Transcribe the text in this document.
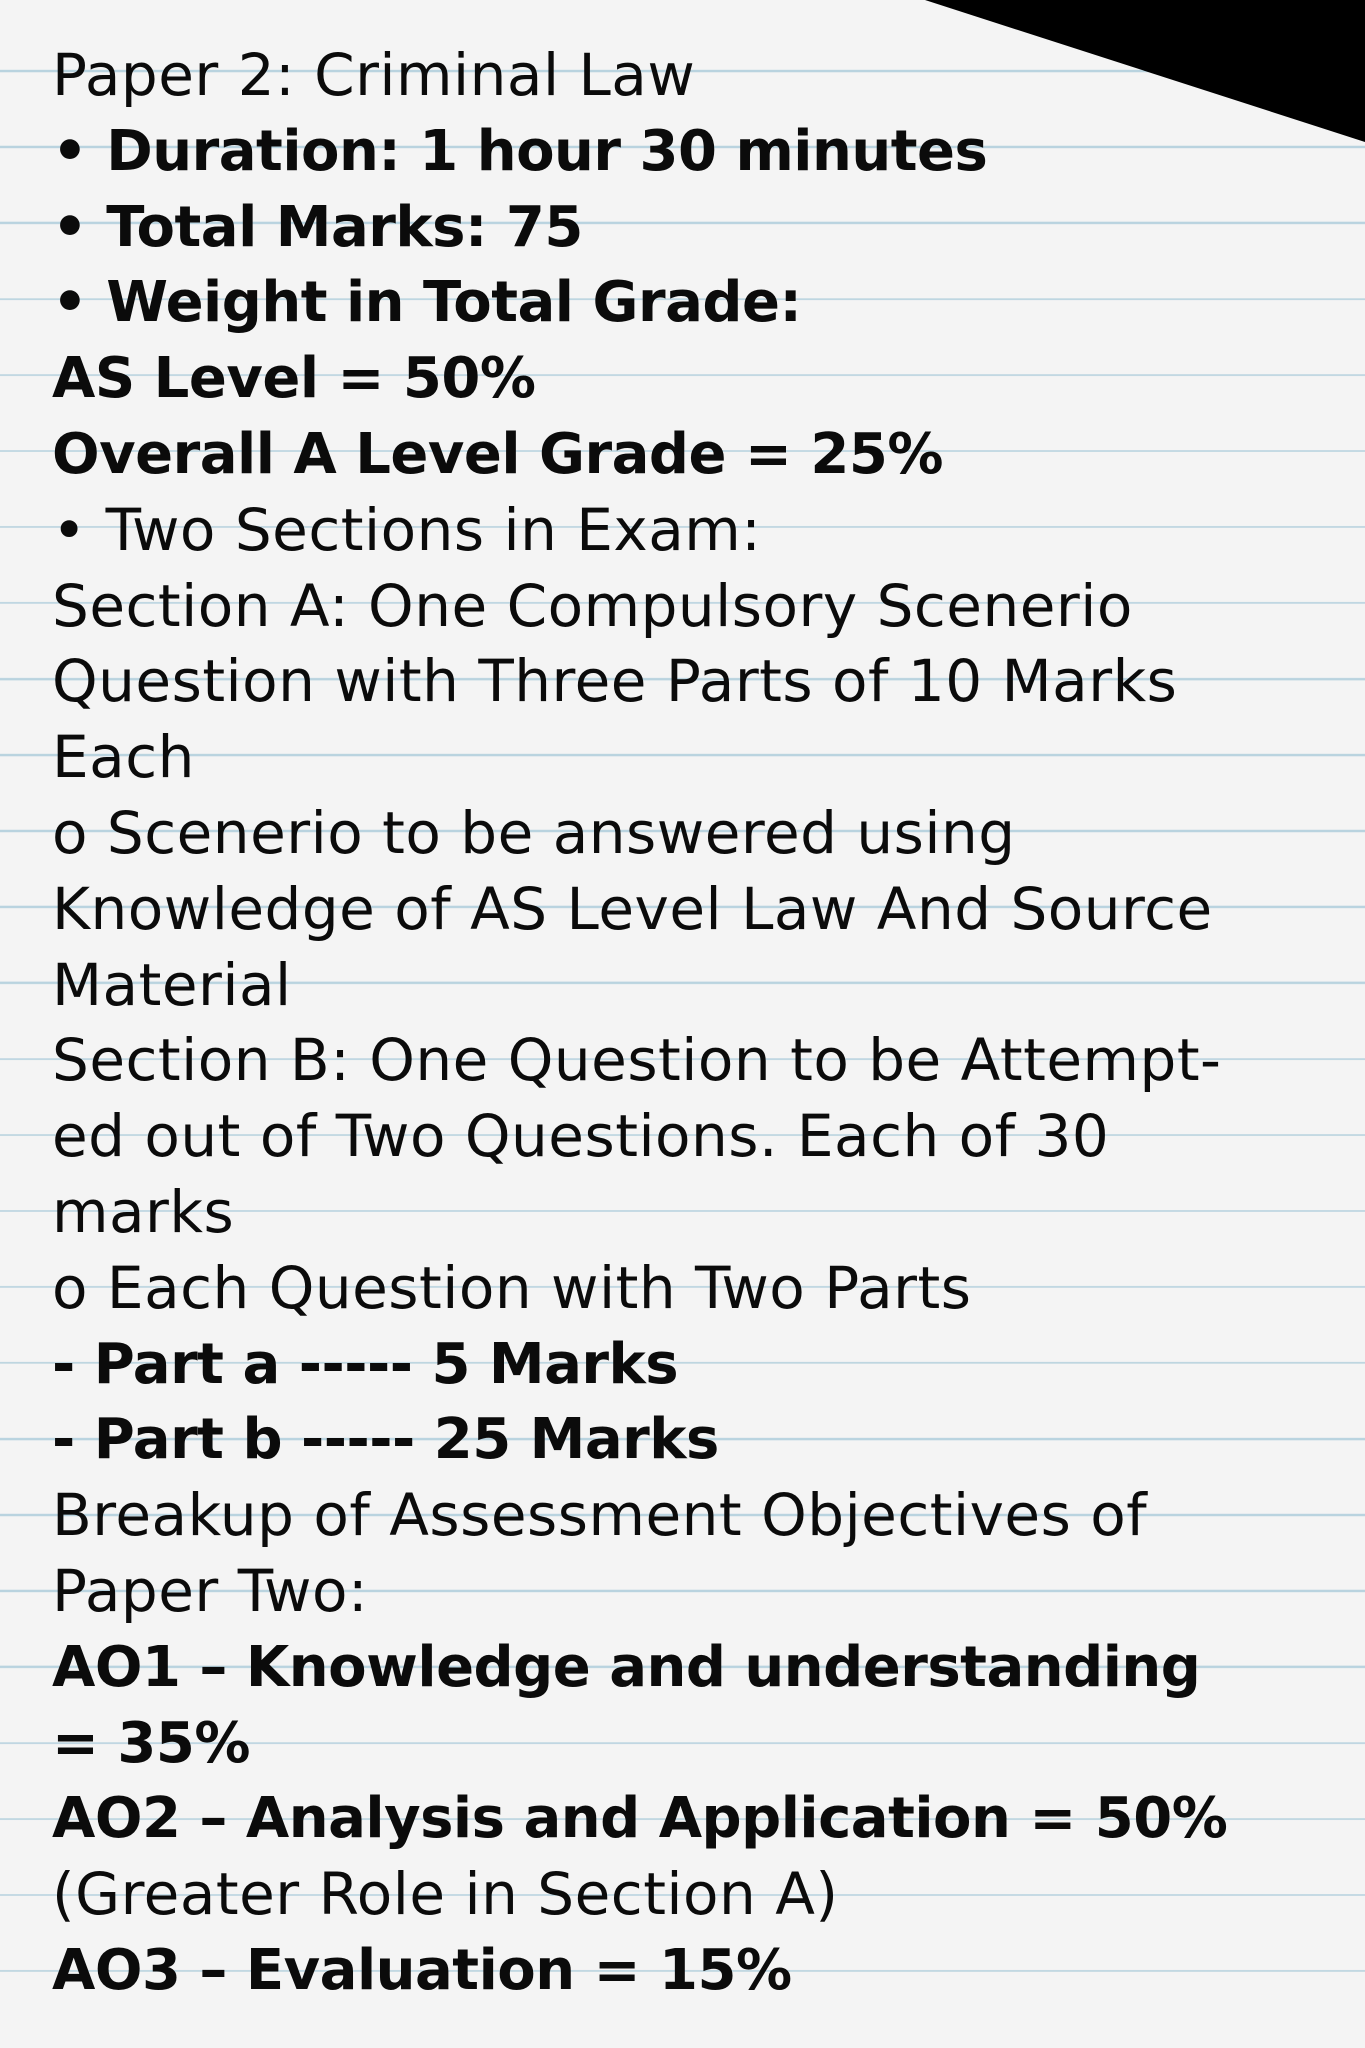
Paper 2: Criminal Law
• Duration: 1 hour 30 minutes
• Total Marks: 75
• Weight in Total Grade:
AS Level = 50%
Overall A Level Grade = 25%
• Two Sections in Exam:
Section A: One Compulsory Scenerio
Question with Three Parts of 10 Marks
Each
o Scenerio to be answered using
Knowledge of AS Level Law And Source
Material
Section B: One Question to be Attempt-
ed out of Two Questions. Each of 30
marks
o Each Question with Two Parts
- Part a ----- 5 Marks
- Part b ----- 25 Marks
Breakup of Assessment Objectives of
Paper Two:
AO1 – Knowledge and understanding
= 35%
AO2 – Analysis and Application = 50%
(Greater Role in Section A)
AO3 – Evaluation = 15%
